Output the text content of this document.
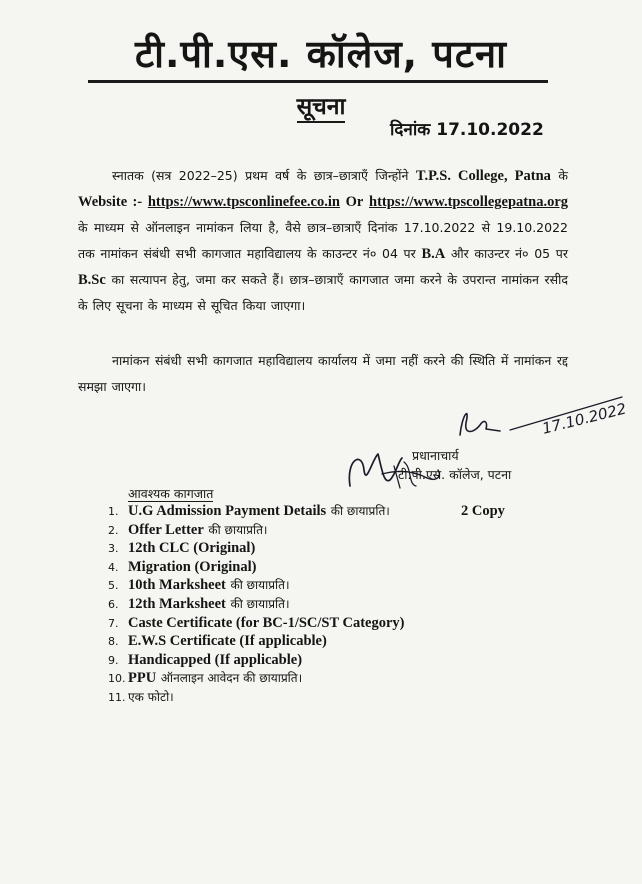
टी.पी.एस. कॉलेज, पटना
सूचना
दिनांक 17.10.2022
स्नातक (सत्र 2022–25) प्रथम वर्ष के छात्र–छात्राएँ जिन्होंने T.P.S. College, Patna के Website :- https://www.tpsconlinefee.co.in Or https://www.tpscollegepatna.org के माध्यम से ऑनलाइन नामांकन लिया है, वैसे छात्र–छात्राएँ दिनांक 17.10.2022 से 19.10.2022 तक नामांकन संबंधी सभी कागजात महाविद्यालय के काउन्टर नं० 04 पर B.A और काउन्टर नं० 05 पर B.Sc का सत्यापन हेतु, जमा कर सकते हैं। छात्र–छात्राएँ कागजात जमा करने के उपरान्त नामांकन रसीद के लिए सूचना के माध्यम से सूचित किया जाएगा।
नामांकन संबंधी सभी कागजात महाविद्यालय कार्यालय में जमा नहीं करने की स्थिति में नामांकन रद्द समझा जाएगा।
17.10.2022
प्रधानाचार्य
टी.पी.एस. कॉलेज, पटना
आवश्यक कागजात
1. U.G Admission Payment Details की छायाप्रति।	2 Copy
2. Offer Letter की छायाप्रति।
3. 12th CLC (Original)
4. Migration (Original)
5. 10th Marksheet की छायाप्रति।
6. 12th Marksheet की छायाप्रति।
7. Caste Certificate (for BC-1/SC/ST Category)
8. E.W.S Certificate (If applicable)
9. Handicapped (If applicable)
10. PPU ऑनलाइन आवेदन की छायाप्रति।
11. एक फोटो।
